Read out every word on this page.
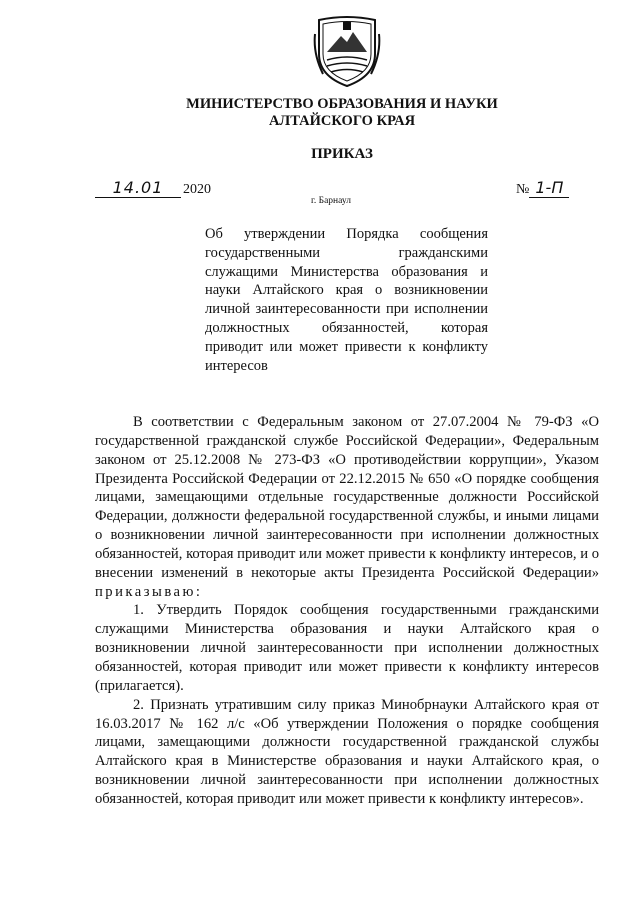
МИНИСТЕРСТВО ОБРАЗОВАНИЯ И НАУКИ
АЛТАЙСКОГО КРАЯ
ПРИКАЗ
14.01 2020	№ 1-П
г. Барнаул
Об утверждении Порядка сообщения государственными гражданскими служащими Министерства образования и науки Алтайского края о возникновении личной заинтересованности при исполнении должностных обязанностей, которая приводит или может привести к конфликту интересов

В соответствии с Федеральным законом от 27.07.2004 № 79-ФЗ «О государственной гражданской службе Российской Федерации», Федеральным законом от 25.12.2008 № 273-ФЗ «О противодействии коррупции», Указом Президента Российской Федерации от 22.12.2015 № 650 «О порядке сообщения лицами, замещающими отдельные государственные должности Российской Федерации, должности федеральной государственной службы, и иными лицами о возникновении личной заинтересованности при исполнении должностных обязанностей, которая приводит или может привести к конфликту интересов, и о внесении изменений в некоторые акты Президента Российской Федерации» приказываю:

1. Утвердить Порядок сообщения государственными гражданскими служащими Министерства образования и науки Алтайского края о возникновении личной заинтересованности при исполнении должностных обязанностей, которая приводит или может привести к конфликту интересов (прилагается).

2. Признать утратившим силу приказ Минобрнауки Алтайского края от 16.03.2017 № 162 л/с «Об утверждении Положения о порядке сообщения лицами, замещающими должности государственной гражданской службы Алтайского края в Министерстве образования и науки Алтайского края, о возникновении личной заинтересованности при исполнении должностных обязанностей, которая приводит или может привести к конфликту интересов».
